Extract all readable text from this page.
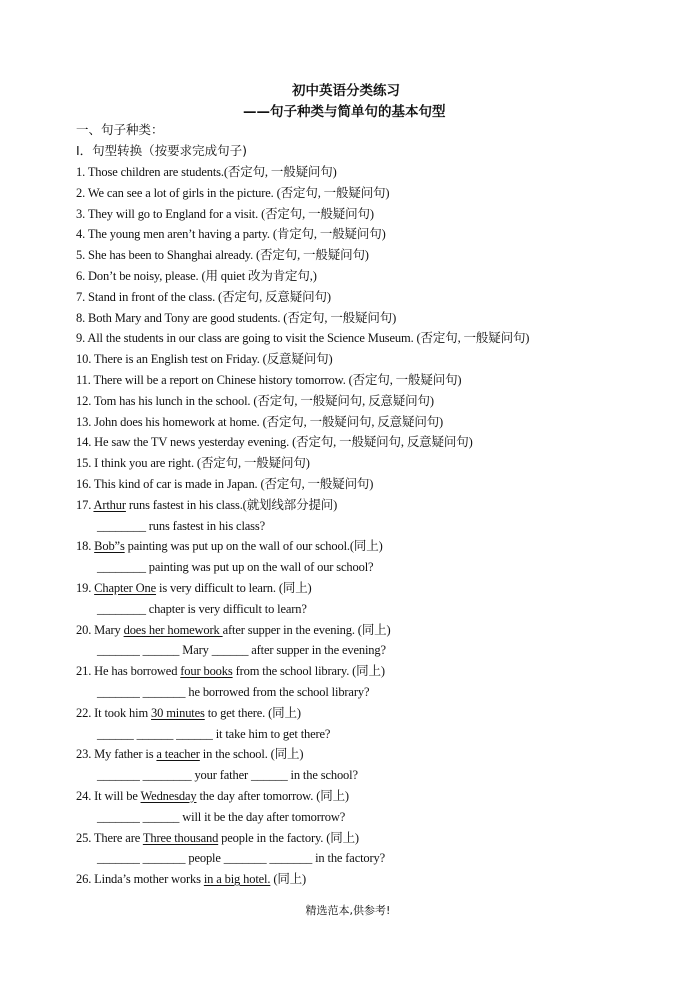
初中英语分类练习
——句子种类与简单句的基本句型
一、句子种类：
Ⅰ．句型转换（按要求完成句子)
1. Those children are students.(否定句, 一般疑问句)
2. We can see a lot of girls in the picture. (否定句, 一般疑问句)
3. They will go to England for a visit. (否定句, 一般疑问句)
4. The young men aren’t having a party. (肯定句, 一般疑问句)
5. She has been to Shanghai already. (否定句, 一般疑问句)
6. Don’t be noisy, please. (用 quiet 改为肯定句,)
7. Stand in front of the class. (否定句, 反意疑问句)
8. Both Mary and Tony are good students. (否定句, 一般疑问句)
9. All the students in our class are going to visit the Science Museum. (否定句, 一般疑问句)
10. There is an English test on Friday. (反意疑问句)
11. There will be a report on Chinese history tomorrow. (否定句, 一般疑问句)
12. Tom has his lunch in the school. (否定句, 一般疑问句, 反意疑问句)
13. John does his homework at home. (否定句, 一般疑问句, 反意疑问句)
14. He saw the TV news yesterday evening. (否定句, 一般疑问句, 反意疑问句)
15. I think you are right. (否定句, 一般疑问句)
16. This kind of car is made in Japan. (否定句, 一般疑问句)
17. Arthur runs fastest in his class.(就划线部分提问)
________ runs fastest in his class?
18. Bob”s painting was put up on the wall of our school.(同上)
________ painting was put up on the wall of our school?
19. Chapter One is very difficult to learn. (同上)
________ chapter is very difficult to learn?
20. Mary does her homework after supper in the evening. (同上)
_______ ______ Mary ______ after supper in the evening?
21. He has borrowed four books from the school library. (同上)
_______ _______ he borrowed from the school library?
22. It took him 30 minutes to get there. (同上)
______ ______ ______ it take him to get there?
23. My father is a teacher in the school. (同上)
_______ ________ your father ______ in the school?
24. It will be Wednesday the day after tomorrow. (同上)
_______ ______ will it be the day after tomorrow?
25. There are Three thousand people in the factory. (同上)
_______ _______ people _______ _______ in the factory?
26. Linda’s mother works in a big hotel. (同上)
精选范本,供参考!
